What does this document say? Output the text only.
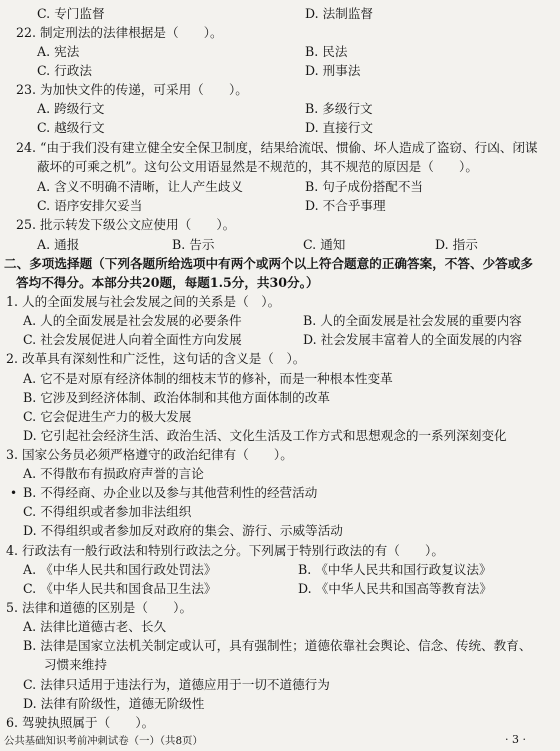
C. 专门监督	D. 法制监督
22. 制定刑法的法律根据是（　　）。
A. 宪法	B. 民法
C. 行政法	D. 刑事法
23. 为加快文件的传递，可采用（　　）。
A. 跨级行文	B. 多级行文
C. 越级行文	D. 直接行文
24. “由于我们没有建立健全安全保卫制度，结果给流氓、惯偷、坏人造成了盗窃、行凶、闭谋
蔽坏的可乘之机”。这句公文用语显然是不规范的，其不规范的原因是（　　）。
A. 含义不明确不清晰，让人产生歧义	B. 句子成份搭配不当
C. 语序安排欠妥当	D. 不合乎事理
25. 批示转发下级公文应使用（　　）。
A. 通报	B. 告示	C. 通知	D. 指示
二、多项选择题（下列各题所给选项中有两个或两个以上符合题意的正确答案，不答、少答或多
答均不得分。本部分共20题，每题1.5分，共30分。）
1. 人的全面发展与社会发展之间的关系是（　）。
A. 人的全面发展是社会发展的必要条件	B. 人的全面发展是社会发展的重要内容
C. 社会发展促进人向着全面性方向发展	D. 社会发展丰富着人的全面发展的内容
2. 改革具有深刻性和广泛性，这句话的含义是（　）。
A. 它不是对原有经济体制的细枝末节的修补，而是一种根本性变革
B. 它涉及到经济体制、政治体制和其他方面体制的改革
C. 它会促进生产力的极大发展
D. 它引起社会经济生活、政治生活、文化生活及工作方式和思想观念的一系列深刻变化
3. 国家公务员必须严格遵守的政治纪律有（　　）。
A. 不得散布有损政府声誉的言论
B. 不得经商、办企业以及参与其他营利性的经营活动
C. 不得组织或者参加非法组织
D. 不得组织或者参加反对政府的集会、游行、示威等活动
4. 行政法有一般行政法和特别行政法之分。下列属于特别行政法的有（　　）。
A. 《中华人民共和国行政处罚法》	B. 《中华人民共和国行政复议法》
C. 《中华人民共和国食品卫生法》	D. 《中华人民共和国高等教育法》
5. 法律和道德的区别是（　　）。
A. 法律比道德古老、长久
B. 法律是国家立法机关制定或认可，具有强制性；道德依靠社会舆论、信念、传统、教育、
习惯来维持
C. 法律只适用于违法行为，道德应用于一切不道德行为
D. 法律有阶级性，道德无阶级性
6. 驾驶执照属于（　　）。
•
公共基础知识考前冲刺试卷（一）（共8页）	· 3 ·
